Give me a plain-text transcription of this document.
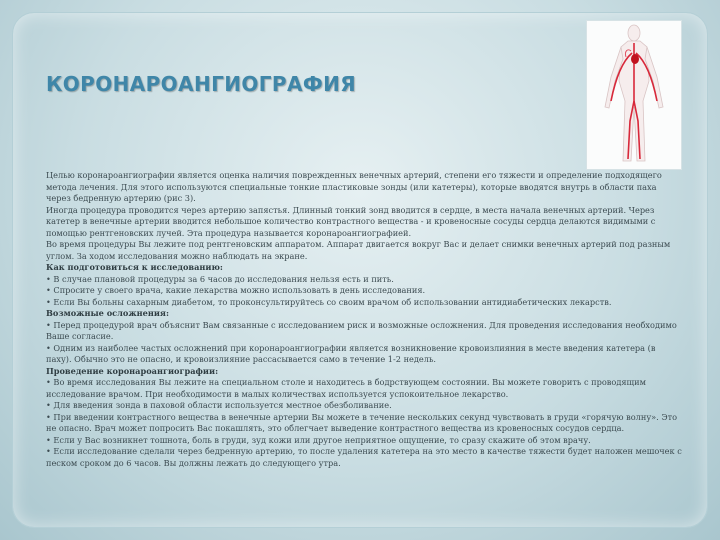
КОРОНАРОАНГИОГРАФИЯ

Целью коронароангиографии является оценка наличия поврежденных венечных артерий, степени его тяжести и определение подходящего метода лечения. Для этого используются специальные тонкие пластиковые зонды (или катетеры), которые вводятся внутрь в области паха через бедренную артерию (рис 3).

Иногда процедура проводится через артерию запястья. Длинный тонкий зонд вводится в сердце, в места начала венечных артерий. Через катетер в венечные артерии вводится небольшое количество контрастного вещества - и кровеносные сосуды сердца делаются видимыми с помощью рентгеновских лучей. Эта процедура называется коронароангиографией.

Во время процедуры Вы лежите под рентгеновским аппаратом. Аппарат двигается вокруг Вас и делает снимки венечных артерий под разным углом. За ходом исследования можно наблюдать на экране.

Как подготовиться к исследованию:

• В случае плановой процедуры за 6 часов до исследования нельзя есть и пить.

• Спросите у своего врача, какие лекарства можно использовать в день исследования.

• Если Вы больны сахарным диабетом, то проконсультируйтесь со своим врачом об использовании антидиабетических лекарств.

Возможные осложнения:

• Перед процедурой врач объяснит Вам связанные с исследованием риск и возможные осложнения. Для проведения исследования необходимо Ваше согласие.

• Одним из наиболее частых осложнений при коронароангиографии является возникновение кровоизлияния в месте введения катетера (в паху). Обычно это не опасно, и кровоизлияние рассасывается само в течение 1-2 недель.

Проведение коронароангиографии:

• Во время исследования Вы лежите на специальном столе и находитесь в бодрствующем состоянии. Вы можете говорить с проводящим исследование врачом. При необходимости в малых количествах используется успокоительное лекарство.

• Для введения зонда в паховой области используется местное обезболивание.

• При введении контрастного вещества в венечные артерии Вы можете в течение нескольких секунд чувствовать в груди «горячую волну». Это не опасно. Врач может попросить Вас покашлять, это облегчает выведение контрастного вещества из кровеносных сосудов сердца.

• Если у Вас возникнет тошнота, боль в груди, зуд кожи или другое неприятное ощущение, то сразу скажите об этом врачу.

• Если исследование сделали через бедренную артерию, то после удаления катетера на это место в качестве тяжести будет наложен мешочек с песком сроком до 6 часов. Вы должны лежать до следующего утра.
